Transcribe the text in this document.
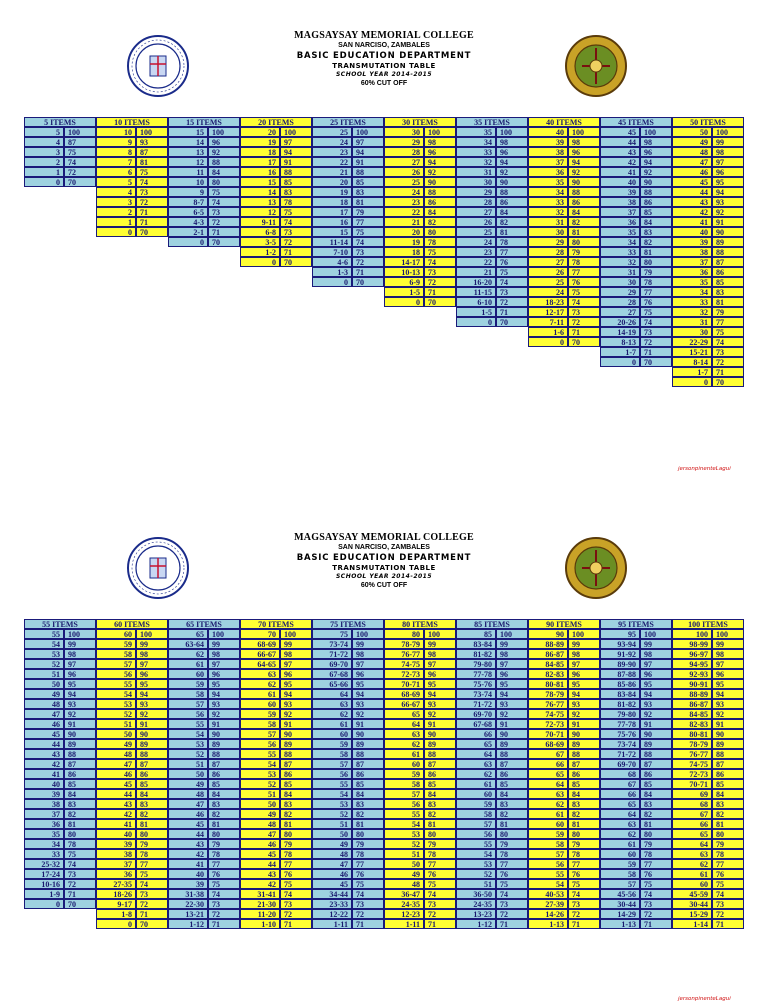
MAGSAYSAY MEMORIAL COLLEGE
SAN NARCISO, ZAMBALES
BASIC EDUCATION DEPARTMENT
TRANSMUTATION TABLE
SCHOOL YEAR 2014-2015
60% CUT OFF
5 ITEMS
5	100
4	87
3	75
2	74
1	72
0	70
10 ITEMS
10	100
9	93
8	87
7	81
6	75
5	74
4	73
3	72
2	71
1	71
0	70
15 ITEMS
15	100
14	96
13	92
12	88
11	84
10	80
9	75
8-7	74
6-5	73
4-3	72
2-1	71
0	70
20 ITEMS
20	100
19	97
18	94
17	91
16	88
15	85
14	83
13	78
12	75
9-11	74
6-8	73
3-5	72
1-2	71
0	70
25 ITEMS
25	100
24	97
23	94
22	91
21	88
20	85
19	83
18	81
17	79
16	77
15	75
11-14	74
7-10	73
4-6	72
1-3	71
0	70
30 ITEMS
30	100
29	98
28	96
27	94
26	92
25	90
24	88
23	86
22	84
21	82
20	80
19	78
18	75
14-17	74
10-13	73
6-9	72
1-5	71
0	70
35 ITEMS
35	100
34	98
33	96
32	94
31	92
30	90
29	88
28	86
27	84
26	82
25	81
24	78
23	77
22	76
21	75
16-20	74
11-15	73
6-10	72
1-5	71
0	70
40 ITEMS
40	100
39	98
38	96
37	94
36	92
35	90
34	88
33	86
32	84
31	82
30	81
29	80
28	79
27	78
26	77
25	76
24	75
18-23	74
12-17	73
7-11	72
1-6	71
0	70
45 ITEMS
45	100
44	98
43	96
42	94
41	92
40	90
39	88
38	86
37	85
36	84
35	83
34	82
33	81
32	80
31	79
30	78
29	77
28	76
27	75
20-26	74
14-19	73
8-13	72
1-7	71
0	70
50 ITEMS
50	100
49	99
48	98
47	97
46	96
45	95
44	94
43	93
42	92
41	91
40	90
39	89
38	88
37	87
36	86
35	85
34	83
33	81
32	79
31	77
30	75
22-29	74
15-21	73
8-14	72
1-7	71
0	70
jersonpinenteLagui
MAGSAYSAY MEMORIAL COLLEGE
SAN NARCISO, ZAMBALES
BASIC EDUCATION DEPARTMENT
TRANSMUTATION TABLE
SCHOOL YEAR 2014-2015
60% CUT OFF
55 ITEMS
55	100
54	99
53	98
52	97
51	96
50	95
49	94
48	93
47	92
46	91
45	90
44	89
43	88
42	87
41	86
40	85
39	84
38	83
37	82
36	81
35	80
34	78
33	75
25-32	74
17-24	73
10-16	72
1-9	71
0	70
60 ITEMS
60	100
59	99
58	98
57	97
56	96
55	95
54	94
53	93
52	92
51	91
50	90
49	89
48	88
47	87
46	86
45	85
44	84
43	83
42	82
41	81
40	80
39	79
38	78
37	77
36	75
27-35	74
18-26	73
9-17	72
1-8	71
0	70
65 ITEMS
65	100
63-64	99
62	98
61	97
60	96
59	95
58	94
57	93
56	92
55	91
54	90
53	89
52	88
51	87
50	86
49	85
48	84
47	83
46	82
45	81
44	80
43	79
42	78
41	77
40	76
39	75
31-38	74
22-30	73
13-21	72
1-12	71
70 ITEMS
70	100
68-69	99
66-67	98
64-65	97
63	96
62	95
61	94
60	93
59	92
58	91
57	90
56	89
55	88
54	87
53	86
52	85
51	84
50	83
49	82
48	81
47	80
46	79
45	78
44	77
43	76
42	75
31-41	74
21-30	73
11-20	72
1-10	71
75 ITEMS
75	100
73-74	99
71-72	98
69-70	97
67-68	96
65-66	95
64	94
63	93
62	92
61	91
60	90
59	89
58	88
57	87
56	86
55	85
54	84
53	83
52	82
51	81
50	80
49	79
48	78
47	77
46	76
45	75
34-44	74
23-33	73
12-22	72
1-11	71
80 ITEMS
80	100
78-79	99
76-77	98
74-75	97
72-73	96
70-71	95
68-69	94
66-67	93
65	92
64	91
63	90
62	89
61	88
60	87
59	86
58	85
57	84
56	83
55	82
54	81
53	80
52	79
51	78
50	77
49	76
48	75
36-47	74
24-35	73
12-23	72
1-11	71
85 ITEMS
85	100
83-84	99
81-82	98
79-80	97
77-78	96
75-76	95
73-74	94
71-72	93
69-70	92
67-68	91
66	90
65	89
64	88
63	87
62	86
61	85
60	84
59	83
58	82
57	81
56	80
55	79
54	78
53	77
52	76
51	75
36-50	74
24-35	73
13-23	72
1-12	71
90 ITEMS
90	100
88-89	99
86-87	98
84-85	97
82-83	96
80-81	95
78-79	94
76-77	93
74-75	92
72-73	91
70-71	90
68-69	89
67	88
66	87
65	86
64	85
63	84
62	83
61	82
60	81
59	80
58	79
57	78
56	77
55	76
54	75
40-53	74
27-39	73
14-26	72
1-13	71
95 ITEMS
95	100
93-94	99
91-92	98
89-90	97
87-88	96
85-86	95
83-84	94
81-82	93
79-80	92
77-78	91
75-76	90
73-74	89
71-72	88
69-70	87
68	86
67	85
66	84
65	83
64	82
63	81
62	80
61	79
60	78
59	77
58	76
57	75
45-56	74
30-44	73
14-29	72
1-13	71
100 ITEMS
100	100
98-99	99
96-97	98
94-95	97
92-93	96
90-91	95
88-89	94
86-87	93
84-85	92
82-83	91
80-81	90
78-79	89
76-77	88
74-75	87
72-73	86
70-71	85
69	84
68	83
67	82
66	81
65	80
64	79
63	78
62	77
61	76
60	75
45-59	74
30-44	73
15-29	72
1-14	71
jersonpinenteLagui
